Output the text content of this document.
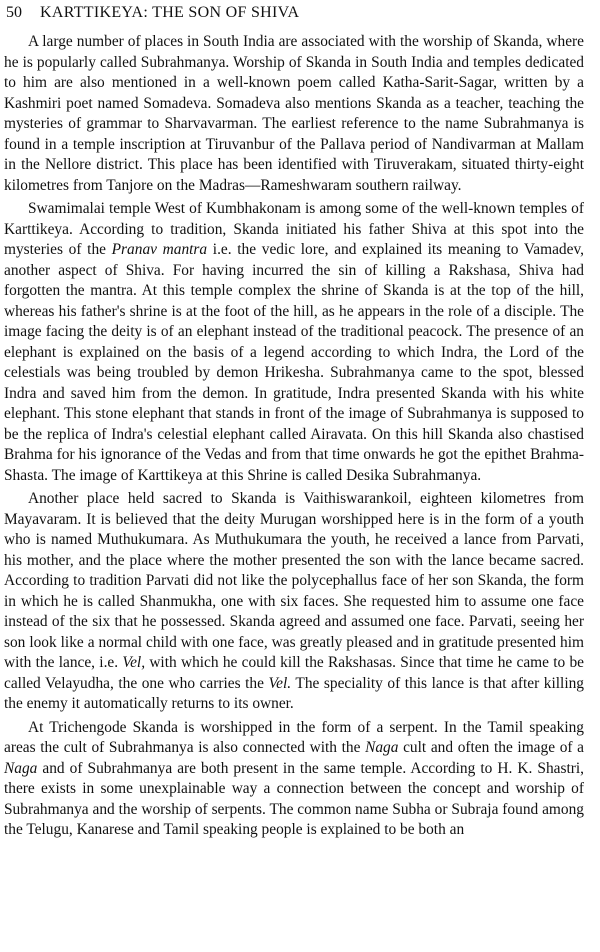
50 KARTTIKEYA: THE SON OF SHIVA

A large number of places in South India are associated with the worship of Skanda, where he is popularly called Subrahmanya. Worship of Skanda in South India and temples dedicated to him are also mentioned in a well-known poem called Katha-Sarit-Sagar, written by a Kashmiri poet named Somadeva. Somadeva also mentions Skanda as a teacher, teaching the mysteries of grammar to Sharvavarman. The earliest reference to the name Subrahmanya is found in a temple inscription at Tiruvanbur of the Pallava period of Nandivarman at Mallam in the Nellore district. This place has been identified with Tiruverakam, situated thirty-eight kilometres from Tanjore on the Madras—Rameshwaram southern railway.

Swamimalai temple West of Kumbhakonam is among some of the well-known temples of Karttikeya. According to tradition, Skanda initiated his father Shiva at this spot into the mysteries of the Pranav mantra i.e. the vedic lore, and explained its meaning to Vamadev, another aspect of Shiva. For having incurred the sin of killing a Rakshasa, Shiva had forgotten the mantra. At this temple complex the shrine of Skanda is at the top of the hill, whereas his father's shrine is at the foot of the hill, as he appears in the role of a disciple. The image facing the deity is of an elephant instead of the traditional peacock. The presence of an elephant is explained on the basis of a legend according to which Indra, the Lord of the celestials was being troubled by demon Hrikesha. Subrahmanya came to the spot, blessed Indra and saved him from the demon. In gratitude, Indra presented Skanda with his white elephant. This stone elephant that stands in front of the image of Subrahmanya is supposed to be the replica of Indra's celestial elephant called Airavata. On this hill Skanda also chastised Brahma for his ignorance of the Vedas and from that time onwards he got the epithet Brahma-Shasta. The image of Karttikeya at this Shrine is called Desika Subrahmanya.

Another place held sacred to Skanda is Vaithiswarankoil, eighteen kilometres from Mayavaram. It is believed that the deity Murugan worshipped here is in the form of a youth who is named Muthukumara. As Muthukumara the youth, he received a lance from Parvati, his mother, and the place where the mother presented the son with the lance became sacred. According to tradition Parvati did not like the polycephallus face of her son Skanda, the form in which he is called Shanmukha, one with six faces. She requested him to assume one face instead of the six that he possessed. Skanda agreed and assumed one face. Parvati, seeing her son look like a normal child with one face, was greatly pleased and in gratitude presented him with the lance, i.e. Vel, with which he could kill the Rakshasas. Since that time he came to be called Velayudha, the one who carries the Vel. The speciality of this lance is that after killing the enemy it automatically returns to its owner.

At Trichengode Skanda is worshipped in the form of a serpent. In the Tamil speaking areas the cult of Subrahmanya is also connected with the Naga cult and often the image of a Naga and of Subrahmanya are both present in the same temple. According to H. K. Shastri, there exists in some unexplainable way a connection between the concept and worship of Subrahmanya and the worship of serpents. The common name Subha or Subraja found among the Telugu, Kanarese and Tamil speaking people is explained to be both an
